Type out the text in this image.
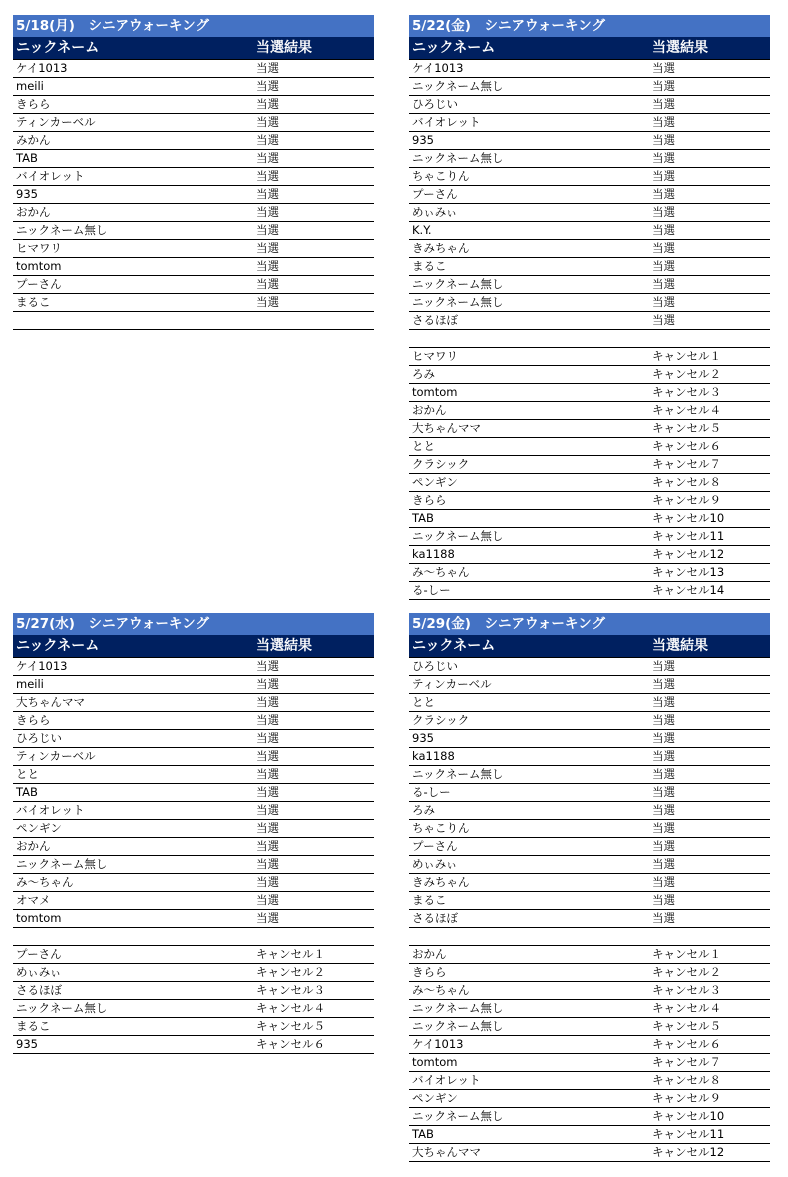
5/18(月)　シニアウォーキング
ニックネーム	当選結果
ケイ1013	当選
meili	当選
きらら	当選
ティンカーベル	当選
みかん	当選
TAB	当選
バイオレット	当選
935	当選
おかん	当選
ニックネーム無し	当選
ヒマワリ	当選
tomtom	当選
プーさん	当選
まるこ	当選
5/22(金)　シニアウォーキング
ニックネーム	当選結果
ケイ1013	当選
ニックネーム無し	当選
ひろじい	当選
バイオレット	当選
935	当選
ニックネーム無し	当選
ちゃこりん	当選
プーさん	当選
めぃみぃ	当選
K.Y.	当選
きみちゃん	当選
まるこ	当選
ニックネーム無し	当選
ニックネーム無し	当選
さるほぼ	当選
ヒマワリ	キャンセル１
ろみ	キャンセル２
tomtom	キャンセル３
おかん	キャンセル４
大ちゃんママ	キャンセル５
とと	キャンセル６
クラシック	キャンセル７
ペンギン	キャンセル８
きらら	キャンセル９
TAB	キャンセル10
ニックネーム無し	キャンセル11
ka1188	キャンセル12
み～ちゃん	キャンセル13
る-しー	キャンセル14
5/27(水)　シニアウォーキング
ニックネーム	当選結果
ケイ1013	当選
meili	当選
大ちゃんママ	当選
きらら	当選
ひろじい	当選
ティンカーベル	当選
とと	当選
TAB	当選
バイオレット	当選
ペンギン	当選
おかん	当選
ニックネーム無し	当選
み～ちゃん	当選
オマメ	当選
tomtom	当選
プーさん	キャンセル１
めぃみぃ	キャンセル２
さるほぼ	キャンセル３
ニックネーム無し	キャンセル４
まるこ	キャンセル５
935	キャンセル６
5/29(金)　シニアウォーキング
ニックネーム	当選結果
ひろじい	当選
ティンカーベル	当選
とと	当選
クラシック	当選
935	当選
ka1188	当選
ニックネーム無し	当選
る-しー	当選
ろみ	当選
ちゃこりん	当選
プーさん	当選
めぃみぃ	当選
きみちゃん	当選
まるこ	当選
さるほぼ	当選
おかん	キャンセル１
きらら	キャンセル２
み～ちゃん	キャンセル３
ニックネーム無し	キャンセル４
ニックネーム無し	キャンセル５
ケイ1013	キャンセル６
tomtom	キャンセル７
バイオレット	キャンセル８
ペンギン	キャンセル９
ニックネーム無し	キャンセル10
TAB	キャンセル11
大ちゃんママ	キャンセル12
